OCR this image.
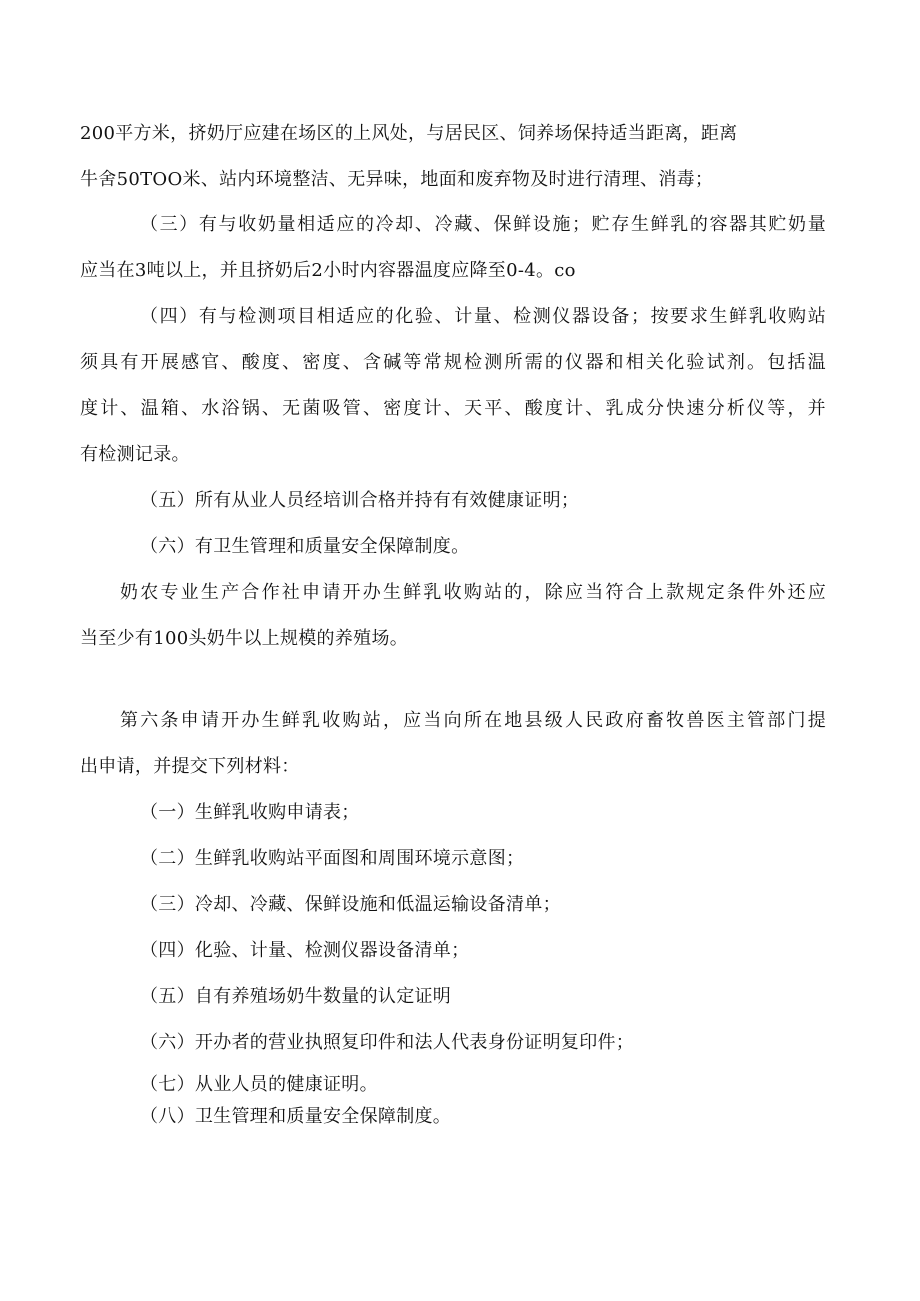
200平方米，挤奶厅应建在场区的上风处，与居民区、饲养场保持适当距离，距离
牛舍50TOO米、站内环境整洁、无异味，地面和废弃物及时进行清理、消毒；
（三）有与收奶量相适应的冷却、冷藏、保鲜设施；贮存生鲜乳的容器其贮奶量
应当在3吨以上，并且挤奶后2小时内容器温度应降至0-4。co
（四）有与检测项目相适应的化验、计量、检测仪器设备；按要求生鲜乳收购站
须具有开展感官、酸度、密度、含碱等常规检测所需的仪器和相关化验试剂。包括温
度计、温箱、水浴锅、无菌吸管、密度计、天平、酸度计、乳成分快速分析仪等，并
有检测记录。
（五）所有从业人员经培训合格并持有有效健康证明；
（六）有卫生管理和质量安全保障制度。
奶农专业生产合作社申请开办生鲜乳收购站的，除应当符合上款规定条件外还应
当至少有100头奶牛以上规模的养殖场。
第六条申请开办生鲜乳收购站，应当向所在地县级人民政府畜牧兽医主管部门提
出申请，并提交下列材料：
（一）生鲜乳收购申请表；
（二）生鲜乳收购站平面图和周围环境示意图；
（三）冷却、冷藏、保鲜设施和低温运输设备清单；
（四）化验、计量、检测仪器设备清单；
（五）自有养殖场奶牛数量的认定证明
（六）开办者的营业执照复印件和法人代表身份证明复印件；
（七）从业人员的健康证明。
（八）卫生管理和质量安全保障制度。
